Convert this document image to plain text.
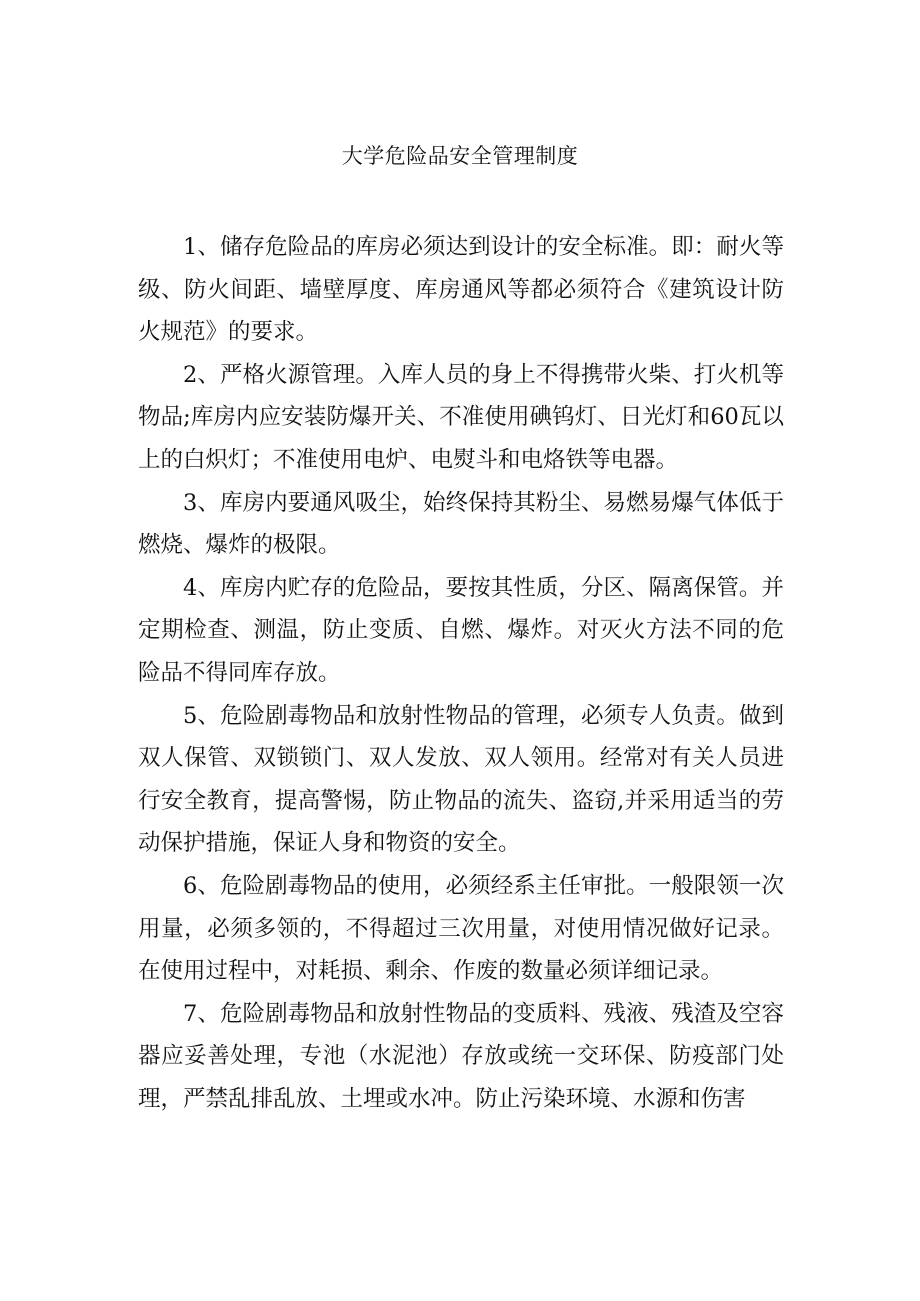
大学危险品安全管理制度

1、储存危险品的库房必须达到设计的安全标准。即：耐火等级、防火间距、墙壁厚度、库房通风等都必须符合《建筑设计防火规范》的要求。

2、严格火源管理。入库人员的身上不得携带火柴、打火机等物品;库房内应安装防爆开关、不准使用碘钨灯、日光灯和60瓦以上的白炽灯；不准使用电炉、电熨斗和电烙铁等电器。

3、库房内要通风吸尘，始终保持其粉尘、易燃易爆气体低于燃烧、爆炸的极限。

4、库房内贮存的危险品，要按其性质，分区、隔离保管。并定期检查、测温，防止变质、自燃、爆炸。对灭火方法不同的危险品不得同库存放。

5、危险剧毒物品和放射性物品的管理，必须专人负责。做到双人保管、双锁锁门、双人发放、双人领用。经常对有关人员进行安全教育，提高警惕，防止物品的流失、盗窃,并采用适当的劳动保护措施，保证人身和物资的安全。

6、危险剧毒物品的使用，必须经系主任审批。一般限领一次用量，必须多领的，不得超过三次用量，对使用情况做好记录。在使用过程中，对耗损、剩余、作废的数量必须详细记录。

7、危险剧毒物品和放射性物品的变质料、残液、残渣及空容器应妥善处理，专池（水泥池）存放或统一交环保、防疫部门处理，严禁乱排乱放、土埋或水冲。防止污染环境、水源和伤害
